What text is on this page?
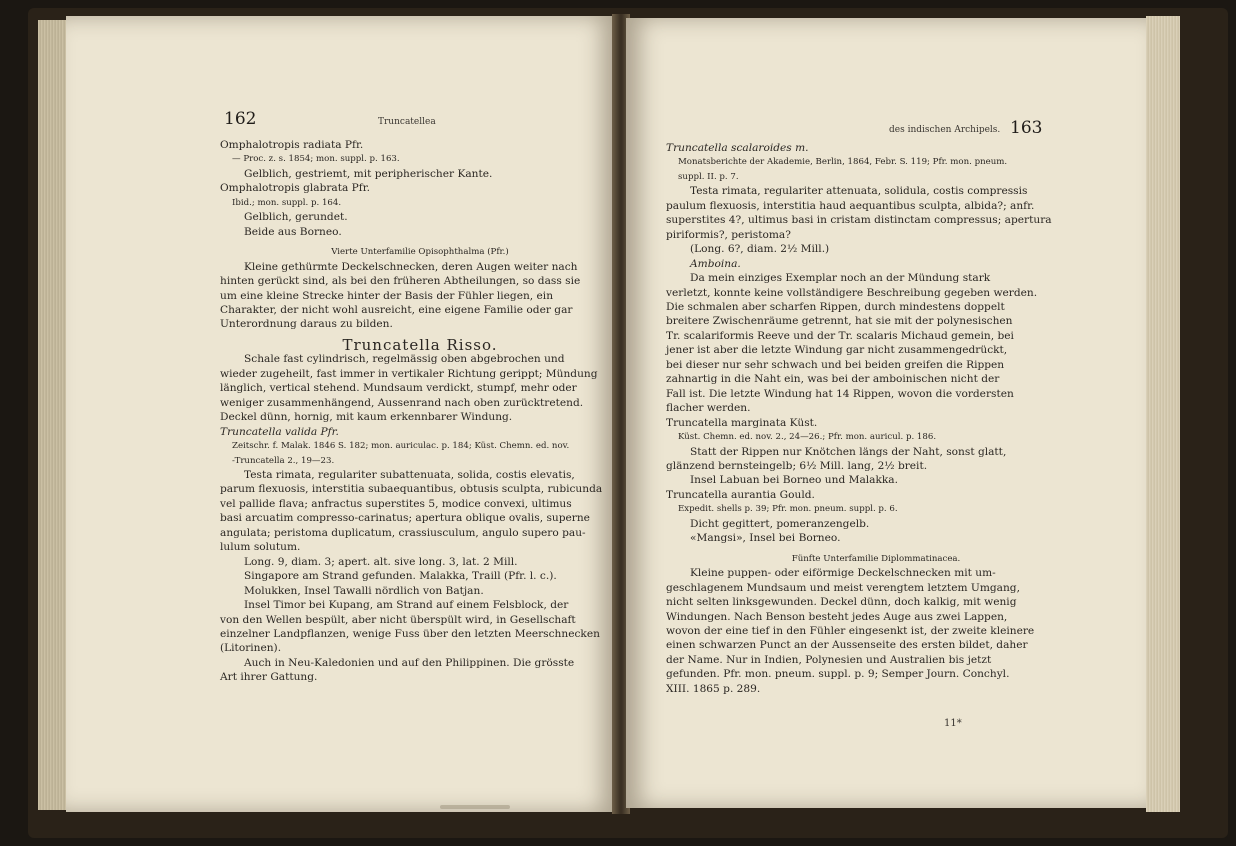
162	Truncatellea
Omphalotropis radiata Pfr.
— Proc. z. s. 1854; mon. suppl. p. 163.
Gelblich, gestriemt, mit peripherischer Kante.
Omphalotropis glabrata Pfr.
Ibid.; mon. suppl. p. 164.
Gelblich, gerundet.
Beide aus Borneo.
Vierte Unterfamilie Opisophthalma (Pfr.)
Kleine gethürmte Deckelschnecken, deren Augen weiter nach
hinten gerückt sind, als bei den früheren Abtheilungen, so dass sie
um eine kleine Strecke hinter der Basis der Fühler liegen, ein
Charakter, der nicht wohl ausreicht, eine eigene Familie oder gar
Unterordnung daraus zu bilden.
Truncatella Risso.
Schale fast cylindrisch, regelmässig oben abgebrochen und
wieder zugeheilt, fast immer in vertikaler Richtung gerippt; Mündung
länglich, vertical stehend. Mundsaum verdickt, stumpf, mehr oder
weniger zusammenhängend, Aussenrand nach oben zurücktretend.
Deckel dünn, hornig, mit kaum erkennbarer Windung.
Truncatella valida Pfr.
Zeitschr. f. Malak. 1846 S. 182; mon. auriculac. p. 184; Küst. Chemn. ed. nov.
-Truncatella 2., 19—23.
Testa rimata, regulariter subattenuata, solida, costis elevatis,
parum flexuosis, interstitia subaequantibus, obtusis sculpta, rubicunda
vel pallide flava; anfractus superstites 5, modice convexi, ultimus
basi arcuatim compresso-carinatus; apertura oblique ovalis, superne
angulata; peristoma duplicatum, crassiusculum, angulo supero pau-
lulum solutum.
Long. 9, diam. 3; apert. alt. sive long. 3, lat. 2 Mill.
Singapore am Strand gefunden. Malakka, Traill (Pfr. l. c.).
Molukken, Insel Tawalli nördlich von Batjan.
Insel Timor bei Kupang, am Strand auf einem Felsblock, der
von den Wellen bespült, aber nicht überspült wird, in Gesellschaft
einzelner Landpflanzen, wenige Fuss über den letzten Meerschnecken
(Litorinen).
Auch in Neu-Kaledonien und auf den Philippinen. Die grösste
Art ihrer Gattung.
des indischen Archipels. 163
Truncatella scalaroides m.
Monatsberichte der Akademie, Berlin, 1864, Febr. S. 119; Pfr. mon. pneum.
suppl. II. p. 7.
Testa rimata, regulariter attenuata, solidula, costis compressis
paulum flexuosis, interstitia haud aequantibus sculpta, albida?; anfr.
superstites 4?, ultimus basi in cristam distinctam compressus; apertura
piriformis?, peristoma?
(Long. 6?, diam. 2½ Mill.)
Amboina.
Da mein einziges Exemplar noch an der Mündung stark
verletzt, konnte keine vollständigere Beschreibung gegeben werden.
Die schmalen aber scharfen Rippen, durch mindestens doppelt
breitere Zwischenräume getrennt, hat sie mit der polynesischen
Tr. scalariformis Reeve und der Tr. scalaris Michaud gemein, bei
jener ist aber die letzte Windung gar nicht zusammengedrückt,
bei dieser nur sehr schwach und bei beiden greifen die Rippen
zahnartig in die Naht ein, was bei der amboinischen nicht der
Fall ist. Die letzte Windung hat 14 Rippen, wovon die vordersten
flacher werden.
Truncatella marginata Küst.
Küst. Chemn. ed. nov. 2., 24—26.; Pfr. mon. auricul. p. 186.
Statt der Rippen nur Knötchen längs der Naht, sonst glatt,
glänzend bernsteingelb; 6½ Mill. lang, 2½ breit.
Insel Labuan bei Borneo und Malakka.
Truncatella aurantia Gould.
Expedit. shells p. 39; Pfr. mon. pneum. suppl. p. 6.
Dicht gegittert, pomeranzengelb.
«Mangsi», Insel bei Borneo.
Fünfte Unterfamilie Diplommatinacea.
Kleine puppen- oder eiförmige Deckelschnecken mit um-
geschlagenem Mundsaum und meist verengtem letztem Umgang,
nicht selten linksgewunden. Deckel dünn, doch kalkig, mit wenig
Windungen. Nach Benson besteht jedes Auge aus zwei Lappen,
wovon der eine tief in den Fühler eingesenkt ist, der zweite kleinere
einen schwarzen Punct an der Aussenseite des ersten bildet, daher
der Name. Nur in Indien, Polynesien und Australien bis jetzt
gefunden. Pfr. mon. pneum. suppl. p. 9; Semper Journ. Conchyl.
XIII. 1865 p. 289.
11*
